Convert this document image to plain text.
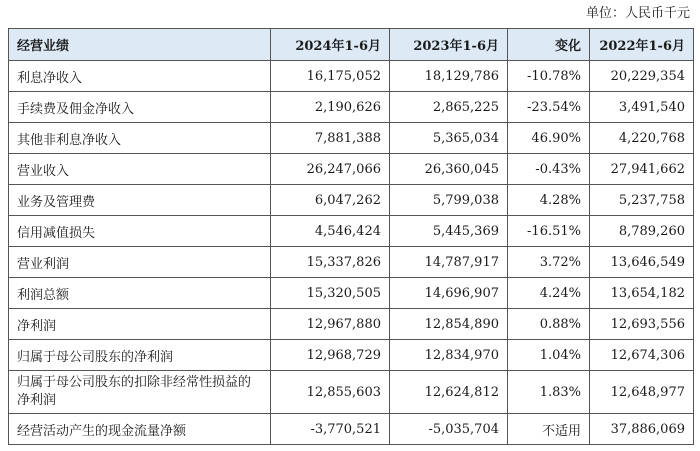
单位：人民币千元
经营业绩	2024年1-6月	2023年1-6月	变化	2022年1-6月
利息净收入	16,175,052	18,129,786	-10.78%	20,229,354
手续费及佣金净收入	2,190,626	2,865,225	-23.54%	3,491,540
其他非利息净收入	7,881,388	5,365,034	46.90%	4,220,768
营业收入	26,247,066	26,360,045	-0.43%	27,941,662
业务及管理费	6,047,262	5,799,038	4.28%	5,237,758
信用减值损失	4,546,424	5,445,369	-16.51%	8,789,260
营业利润	15,337,826	14,787,917	3.72%	13,646,549
利润总额	15,320,505	14,696,907	4.24%	13,654,182
净利润	12,967,880	12,854,890	0.88%	12,693,556
归属于母公司股东的净利润	12,968,729	12,834,970	1.04%	12,674,306
归属于母公司股东的扣除非经常性损益的净利润	12,855,603	12,624,812	1.83%	12,648,977
经营活动产生的现金流量净额	-3,770,521	-5,035,704	不适用	37,886,069
